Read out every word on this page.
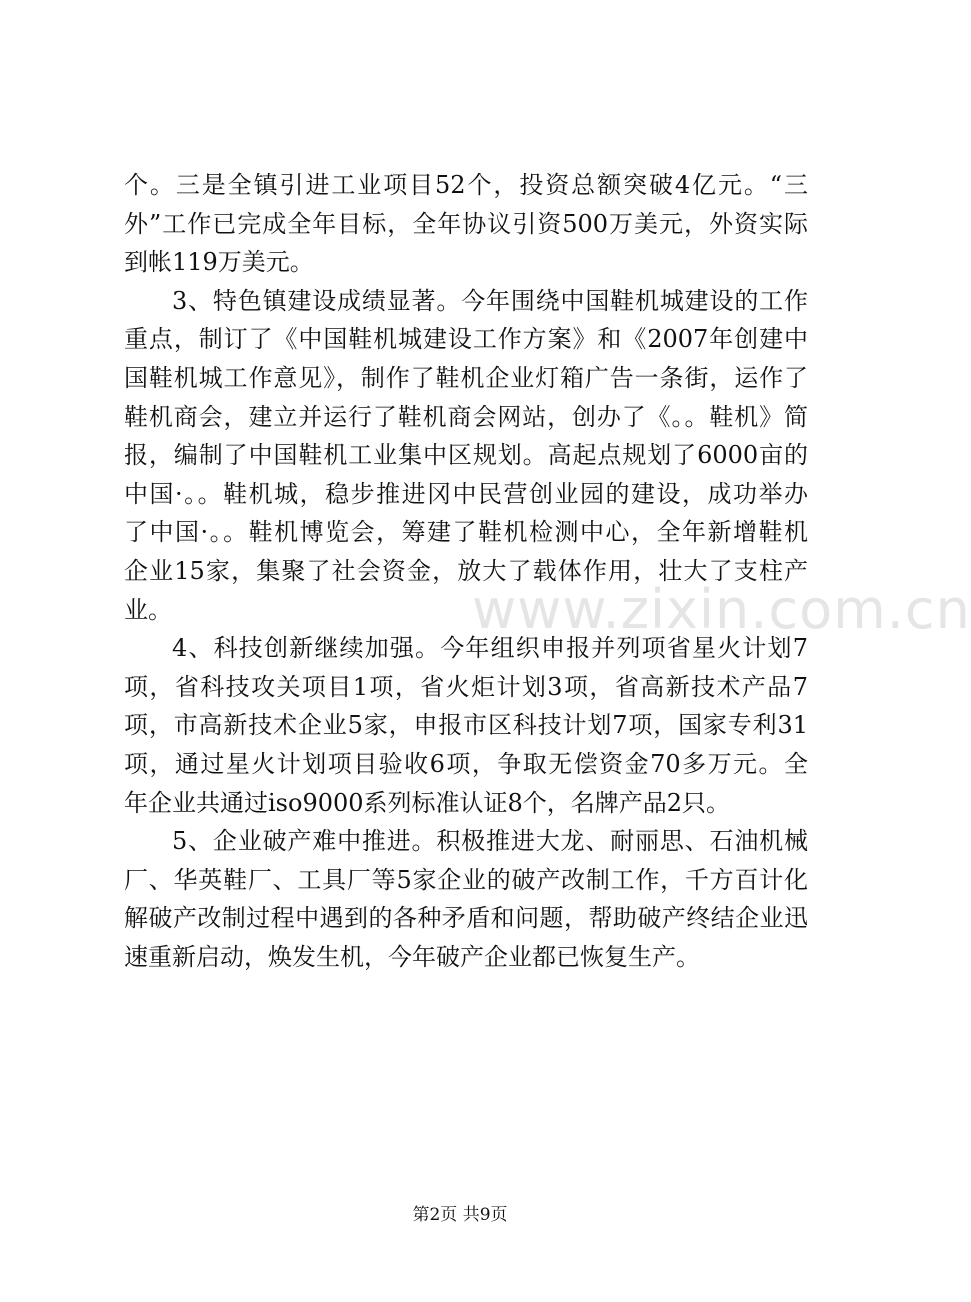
个。三是全镇引进工业项目52个，投资总额突破4亿元。“三
外”工作已完成全年目标，全年协议引资500万美元，外资实际
到帐119万美元。
3、特色镇建设成绩显著。今年围绕中国鞋机城建设的工作
重点，制订了《中国鞋机城建设工作方案》和《2007年创建中
国鞋机城工作意见》，制作了鞋机企业灯箱广告一条街，运作了
鞋机商会，建立并运行了鞋机商会网站，创办了《。。鞋机》简
报，编制了中国鞋机工业集中区规划。高起点规划了6000亩的
中国·。。鞋机城，稳步推进冈中民营创业园的建设，成功举办
了中国·。。鞋机博览会，筹建了鞋机检测中心，全年新增鞋机
企业15家，集聚了社会资金，放大了载体作用，壮大了支柱产
业。
4、科技创新继续加强。今年组织申报并列项省星火计划7
项，省科技攻关项目1项，省火炬计划3项，省高新技术产品7
项，市高新技术企业5家，申报市区科技计划7项，国家专利31
项，通过星火计划项目验收6项，争取无偿资金70多万元。全
年企业共通过iso9000系列标准认证8个，名牌产品2只。
5、企业破产难中推进。积极推进大龙、耐丽思、石油机械
厂、华英鞋厂、工具厂等5家企业的破产改制工作，千方百计化
解破产改制过程中遇到的各种矛盾和问题，帮助破产终结企业迅
速重新启动，焕发生机，今年破产企业都已恢复生产。
www.zixin.com.cn
第2页 共9页
